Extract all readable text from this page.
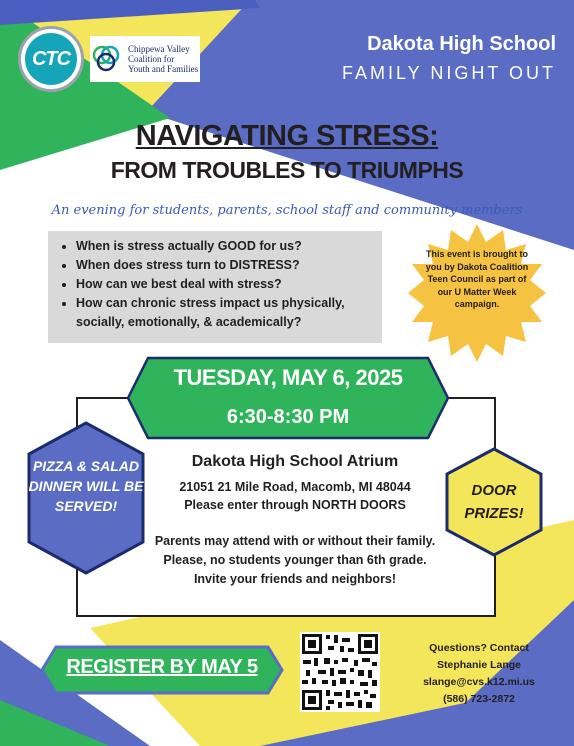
CTC	Chippewa Valley
Coalition for
Youth and Families
Dakota High School
FAMILY NIGHT OUT
NAVIGATING STRESS:
FROM TROUBLES TO TRIUMPHS
An evening for students, parents, school staff and community members
• When is stress actually GOOD for us?
• When does stress turn to DISTRESS?
• How can we best deal with stress?
• How can chronic stress impact us physically, socially, emotionally, & academically?
This event is brought to you by Dakota Coalition Teen Council as part of our U Matter Week campaign.
TUESDAY, MAY 6, 2025
6:30-8:30 PM
Dakota High School Atrium
21051 21 Mile Road, Macomb, MI 48044
Please enter through NORTH DOORS
Parents may attend with or without their family.
Please, no students younger than 6th grade.
Invite your friends and neighbors!
PIZZA & SALAD DINNER WILL BE SERVED!
DOOR PRIZES!
REGISTER BY MAY 5
Questions? Contact
Stephanie Lange
slange@cvs.k12.mi.us
(586) 723-2872
